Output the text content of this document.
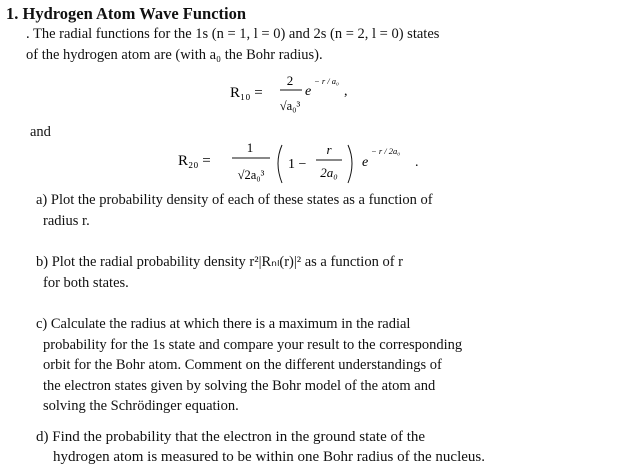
1. Hydrogen Atom Wave Function
. The radial functions for the 1s (n = 1, l = 0) and 2s (n = 2, l = 0) states
of the hydrogen atom are (with a₀ the Bohr radius).
R₁₀ =
2
√a₀³
e
− r / a₀
,
and
R₂₀ =
1
√2a₀³
1 −
r
2a₀
e
− r / 2a₀
.
a) Plot the probability density of each of these states as a function of
radius r.
b) Plot the radial probability density r²|Rₙₗ(r)|² as a function of r
for both states.
c) Calculate the radius at which there is a maximum in the radial
probability for the 1s state and compare your result to the corresponding
orbit for the Bohr atom. Comment on the different understandings of
the electron states given by solving the Bohr model of the atom and
solving the Schrödinger equation.
d) Find the probability that the electron in the ground state of the
hydrogen atom is measured to be within one Bohr radius of the nucleus.
